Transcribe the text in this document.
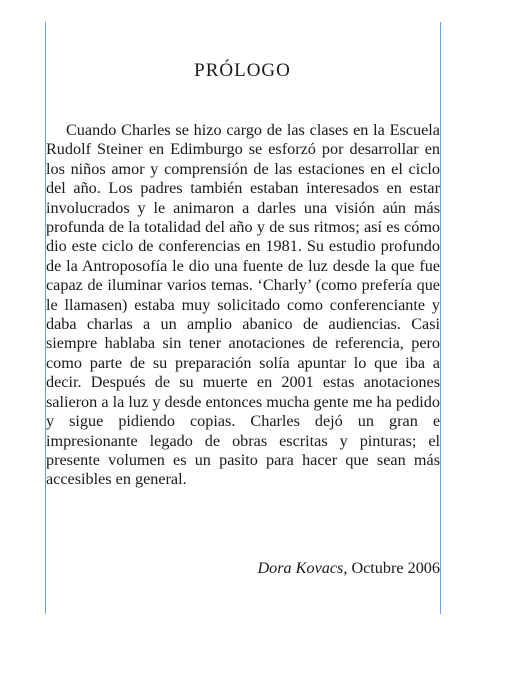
PRÓLOGO

Cuando Charles se hizo cargo de las clases en la Escuela Rudolf Steiner en Edimburgo se esforzó por desarrollar en los niños amor y comprensión de las estaciones en el ciclo del año. Los padres también estaban interesados en estar involucrados y le animaron a darles una visión aún más profunda de la totalidad del año y de sus ritmos; así es cómo dio este ciclo de conferencias en 1981. Su estudio profundo de la Antroposofía le dio una fuente de luz desde la que fue capaz de iluminar varios temas. ‘Charly’ (como prefería que le llamasen) estaba muy solicitado como conferenciante y daba charlas a un amplio abanico de audiencias. Casi siempre hablaba sin tener anotaciones de referencia, pero como parte de su preparación solía apuntar lo que iba a decir. Después de su muerte en 2001 estas anotaciones salieron a la luz y desde entonces mucha gente me ha pedido y sigue pidiendo copias. Charles dejó un gran e impresionante legado de obras escritas y pinturas; el presente volumen es un pasito para hacer que sean más accesibles en general.

Dora Kovacs, Octubre 2006
